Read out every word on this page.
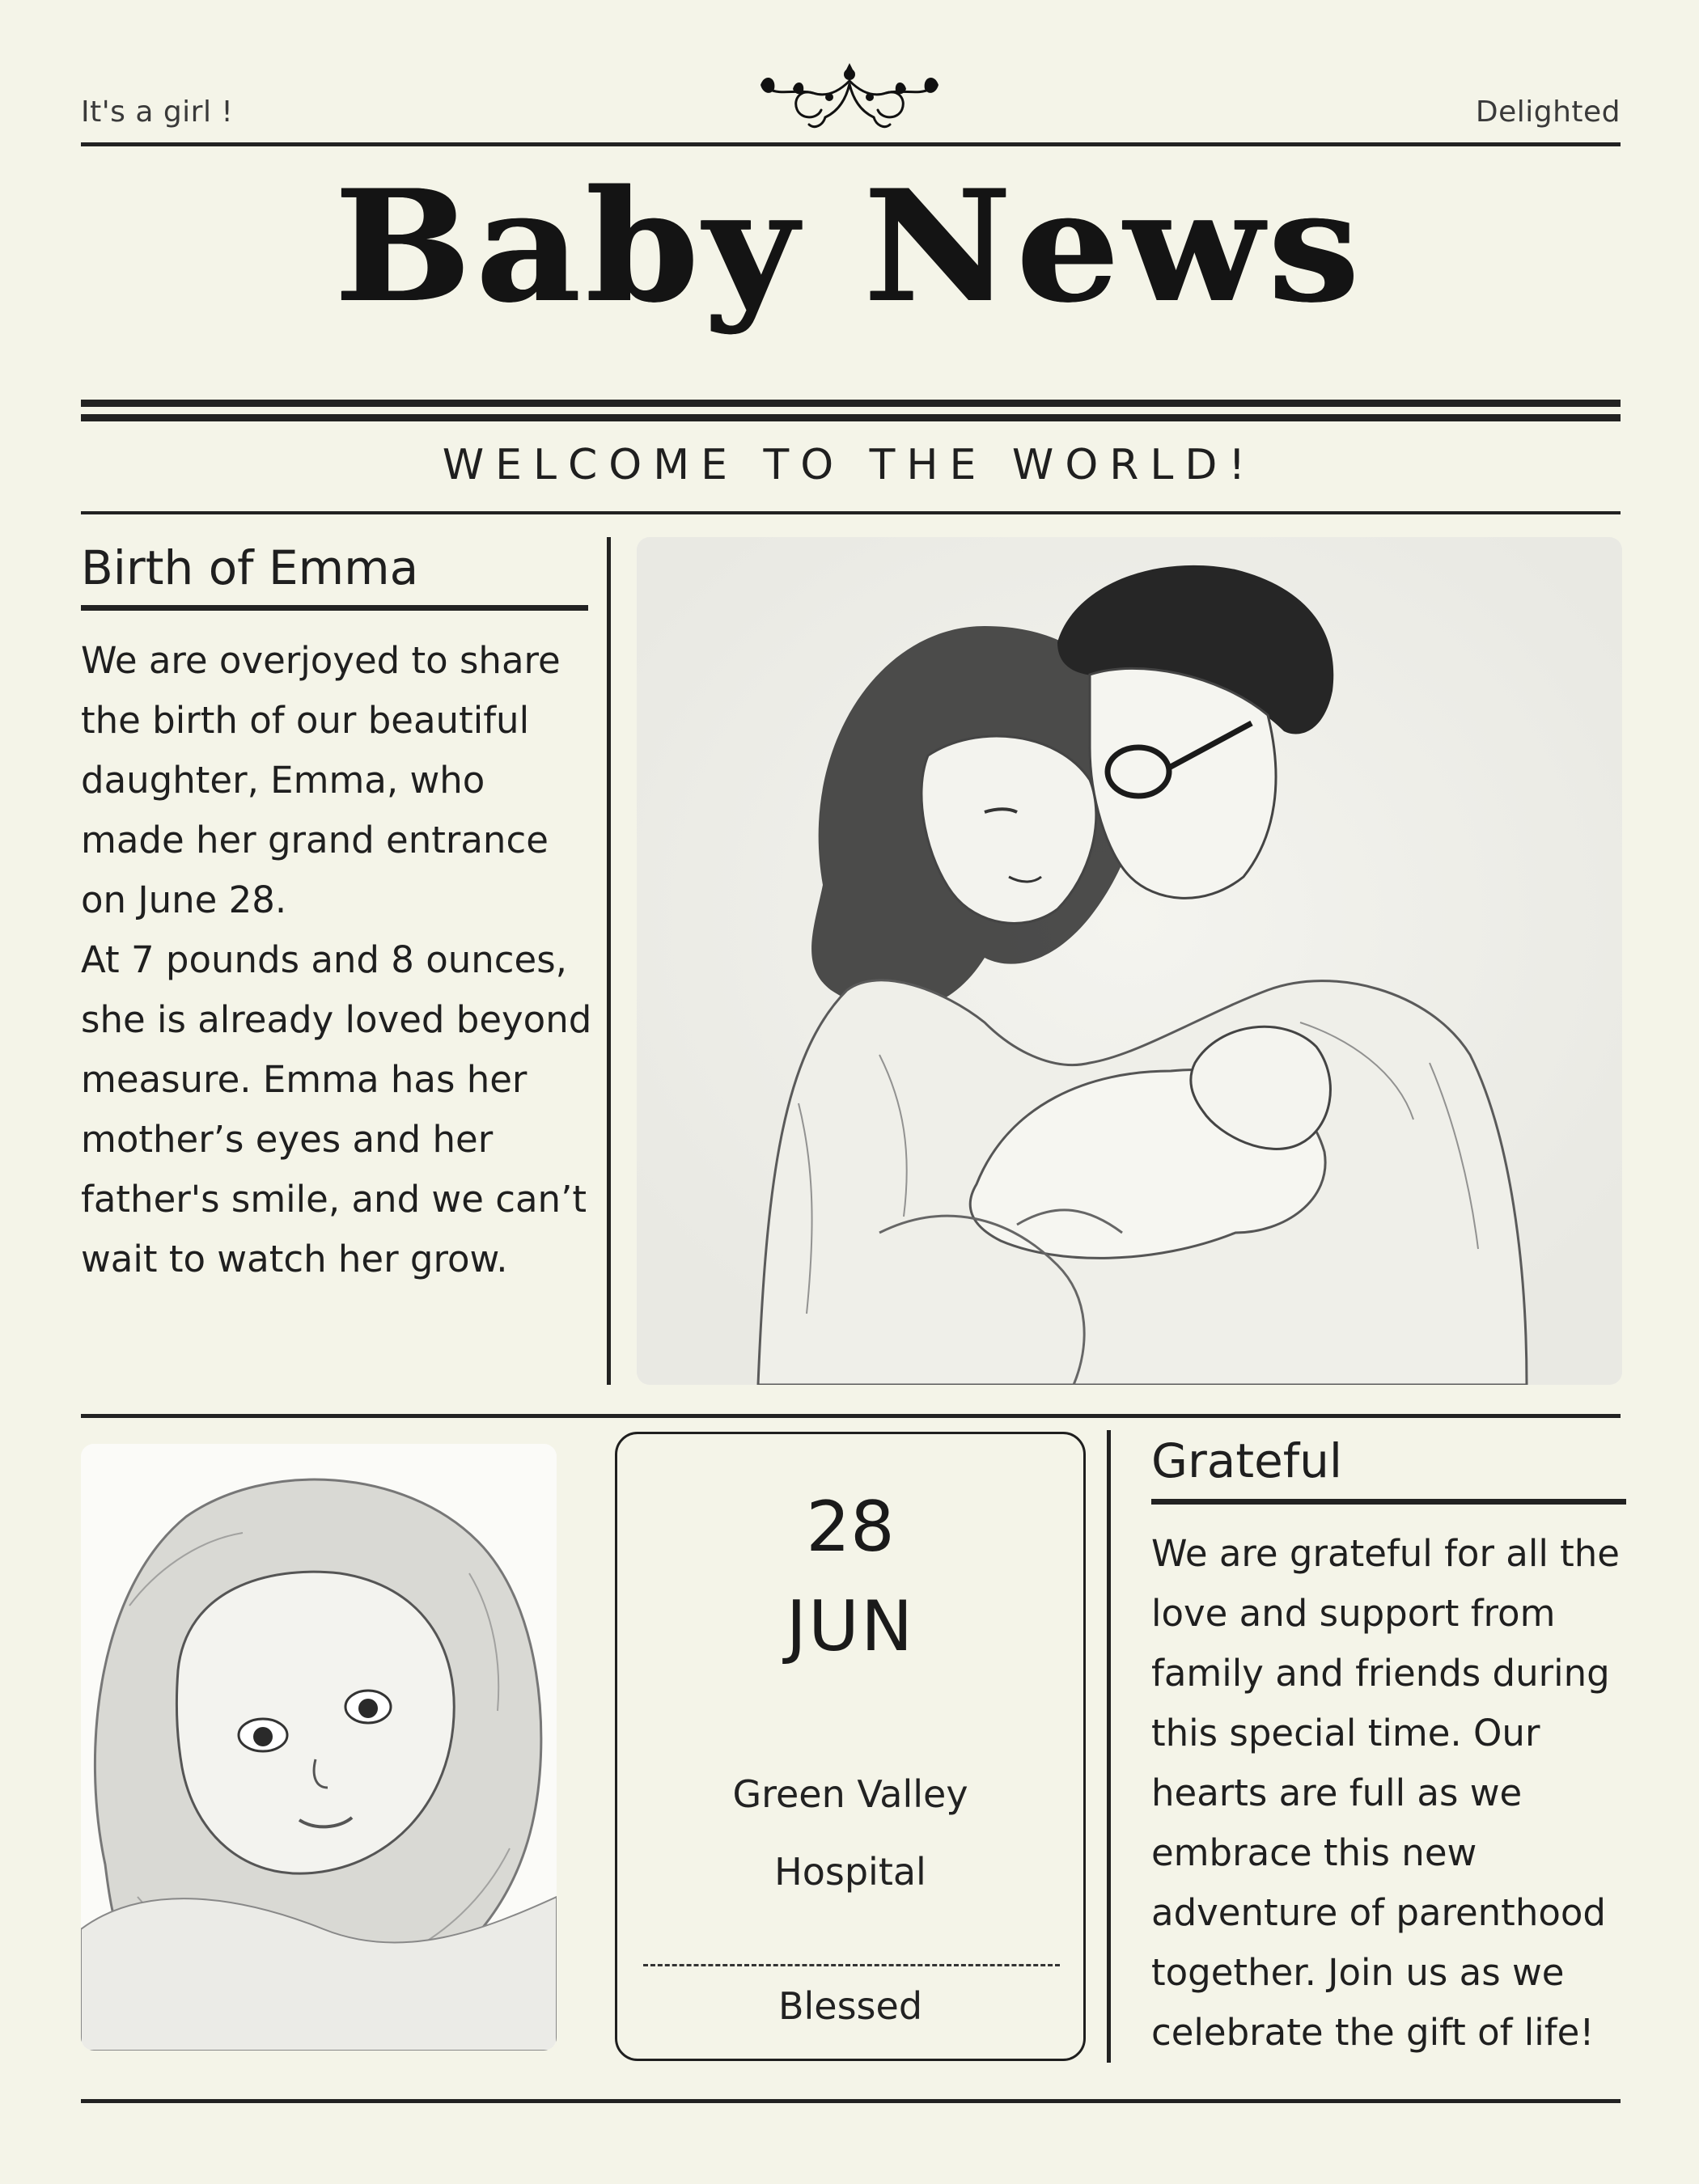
It's a girl !	Delighted
Baby News
WELCOME TO THE WORLD!
Birth of Emma
We are overjoyed to share
the birth of our beautiful
daughter, Emma, who
made her grand entrance
on June 28.
At 7 pounds and 8 ounces,
she is already loved beyond
measure. Emma has her
mother’s eyes and her
father's smile, and we can’t
wait to watch her grow.
28
JUN
Green Valley
Hospital
Blessed
Grateful
We are grateful for all the
love and support from
family and friends during
this special time. Our
hearts are full as we
embrace this new
adventure of parenthood
together. Join us as we
celebrate the gift of life!
